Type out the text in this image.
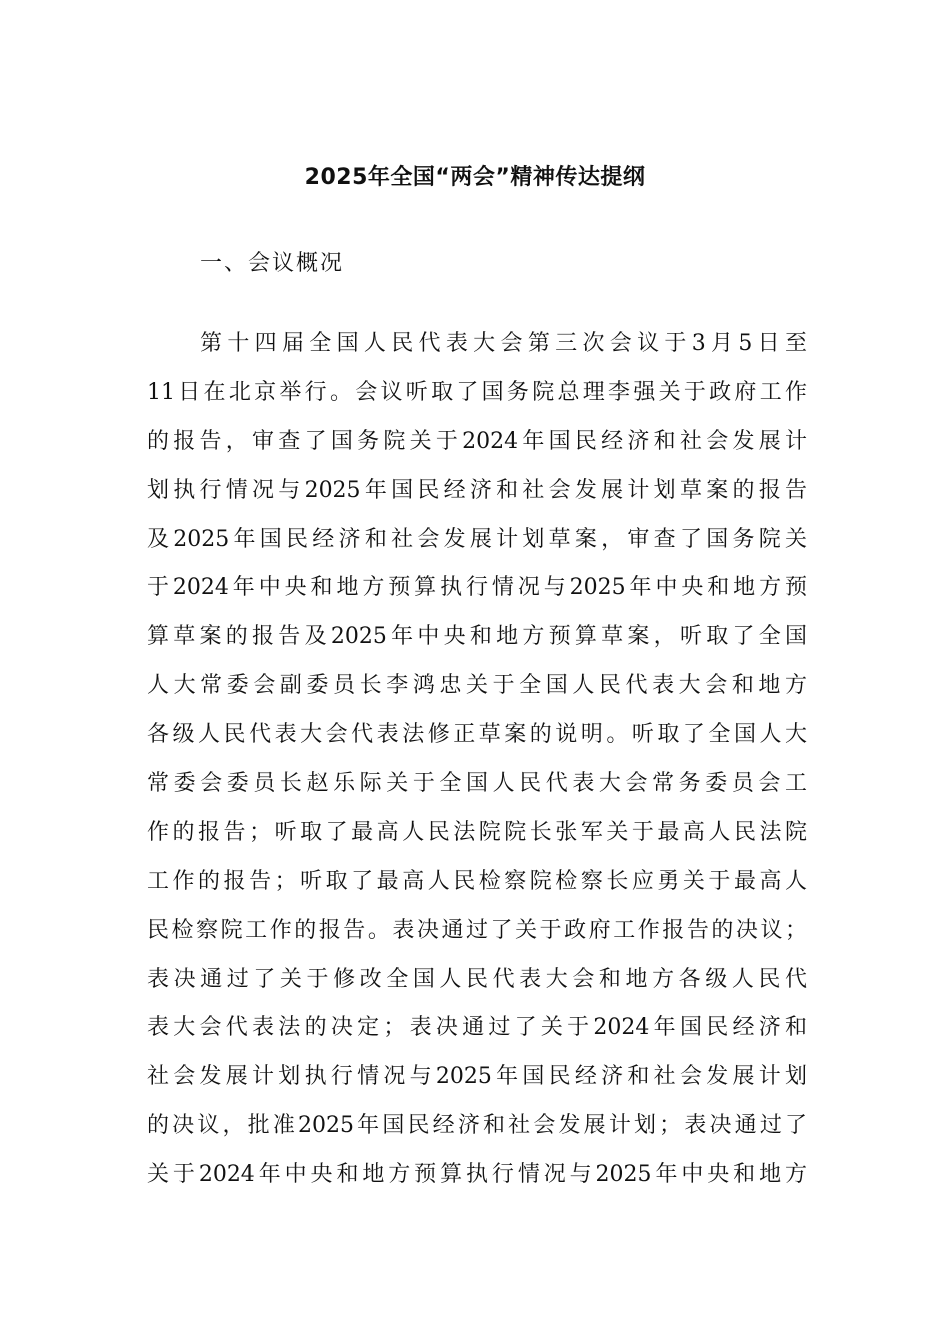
2025年全国“两会”精神传达提纲
一、会议概况
第十四届全国人民代表大会第三次会议于3月5日至
11日在北京举行。会议听取了国务院总理李强关于政府工作
的报告，审查了国务院关于2024年国民经济和社会发展计
划执行情况与2025年国民经济和社会发展计划草案的报告
及2025年国民经济和社会发展计划草案，审查了国务院关
于2024年中央和地方预算执行情况与2025年中央和地方预
算草案的报告及2025年中央和地方预算草案，听取了全国
人大常委会副委员长李鸿忠关于全国人民代表大会和地方
各级人民代表大会代表法修正草案的说明。听取了全国人大
常委会委员长赵乐际关于全国人民代表大会常务委员会工
作的报告；听取了最高人民法院院长张军关于最高人民法院
工作的报告；听取了最高人民检察院检察长应勇关于最高人
民检察院工作的报告。表决通过了关于政府工作报告的决议；
表决通过了关于修改全国人民代表大会和地方各级人民代
表大会代表法的决定；表决通过了关于2024年国民经济和
社会发展计划执行情况与2025年国民经济和社会发展计划
的决议，批准2025年国民经济和社会发展计划；表决通过了
关于2024年中央和地方预算执行情况与2025年中央和地方
